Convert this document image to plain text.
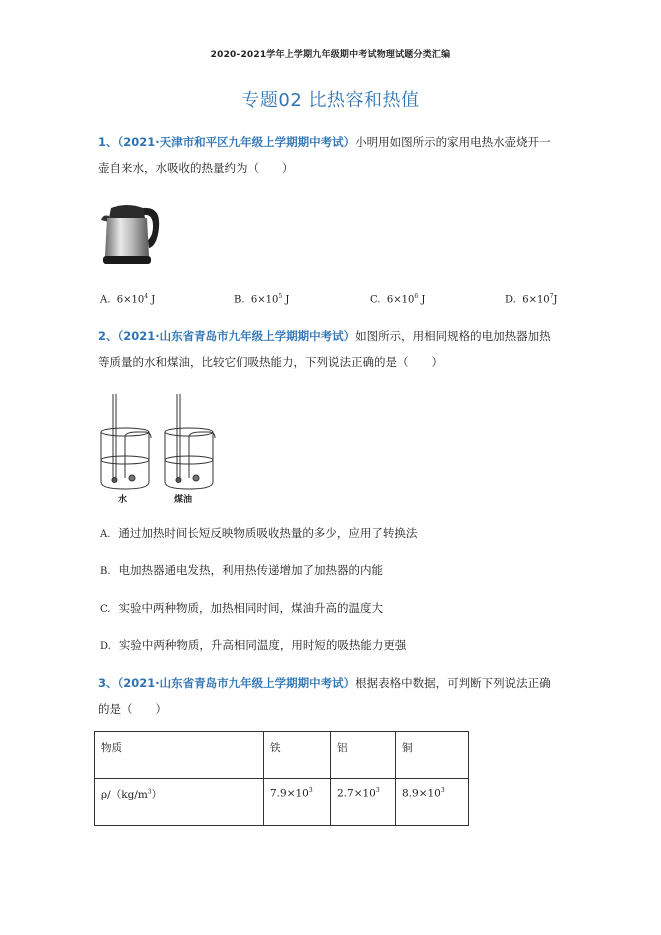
2020-2021学年上学期九年级期中考试物理试题分类汇编
专题02 比热容和热值
1、（2021·天津市和平区九年级上学期期中考试）小明用如图所示的家用电热水壶烧开一
壶自来水，水吸收的热量约为（　　）
A. $6\times 10^4$ J	B. $6\times 10^5$ J	C. $6\times 10^6$ J	D. $6\times 10^7J$
2、（2021·山东省青岛市九年级上学期期中考试）如图所示，用相同规格的电加热器加热
等质量的水和煤油，比较它们吸热能力，下列说法正确的是（　　）
水	煤油
A. 通过加热时间长短反映物质吸收热量的多少，应用了转换法
B. 电加热器通电发热，利用热传递增加了加热器的内能
C. 实验中两种物质，加热相同时间，煤油升高的温度大
D. 实验中两种物质，升高相同温度，用时短的吸热能力更强
3、（2021·山东省青岛市九年级上学期期中考试）根据表格中数据，可判断下列说法正确
的是（　　）
物质	铁	铝	铜
$\rho/(kg/m^3)$	$7.9\times 10^3$	$2.7\times 10^3$	$8.9\times 10^3$
